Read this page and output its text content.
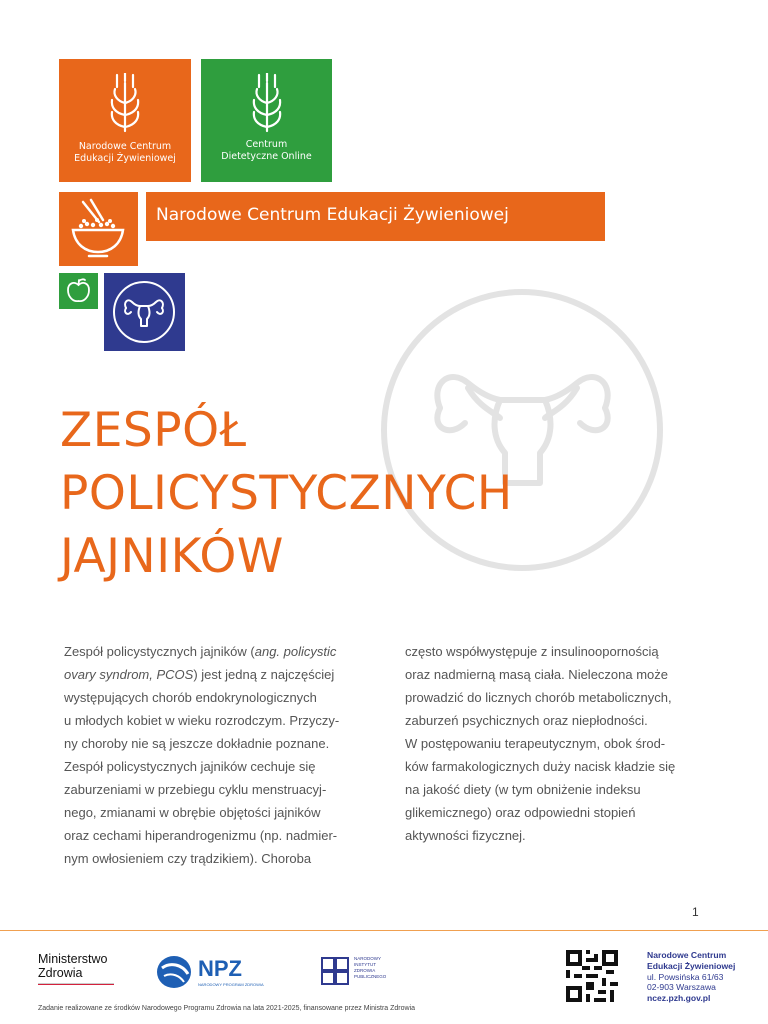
Narodowe Centrum
Edukacji Żywieniowej
Centrum
Dietetyczne Online
Narodowe Centrum Edukacji Żywieniowej
ZESPÓŁ
POLICYSTYCZNYCH
JAJNIKÓW
Zespół policystycznych jajników (ang. policystic
ovary syndrom, PCOS) jest jedną z najczęściej
występujących chorób endokrynologicznych
u młodych kobiet w wieku rozrodczym. Przyczy-
ny choroby nie są jeszcze dokładnie poznane.
Zespół policystycznych jajników cechuje się
zaburzeniami w przebiegu cyklu menstruacyj-
nego, zmianami w obrębie objętości jajników
oraz cechami hiperandrogenizmu (np. nadmier-
nym owłosieniem czy trądzikiem). Choroba
często współwystępuje z insulinoopornością
oraz nadmierną masą ciała. Nieleczona może
prowadzić do licznych chorób metabolicznych,
zaburzeń psychicznych oraz niepłodności.
W postępowaniu terapeutycznym, obok środ-
ków farmakologicznych duży nacisk kładzie się
na jakość diety (w tym obniżenie indeksu
glikemicznego) oraz odpowiedni stopień
aktywności fizycznej.
1
Ministerstwo
Zdrowia	NPZ
NARODOWY PROGRAM ZDROWIA
NARODOWY
INSTYTUT
ZDROWIA
PUBLICZNEGO
Narodowe Centrum
Edukacji Żywieniowej
ul. Powsińska 61/63
02-903 Warszawa
ncez.pzh.gov.pl
Zadanie realizowane ze środków Narodowego Programu Zdrowia na lata 2021-2025, finansowane przez Ministra Zdrowia
